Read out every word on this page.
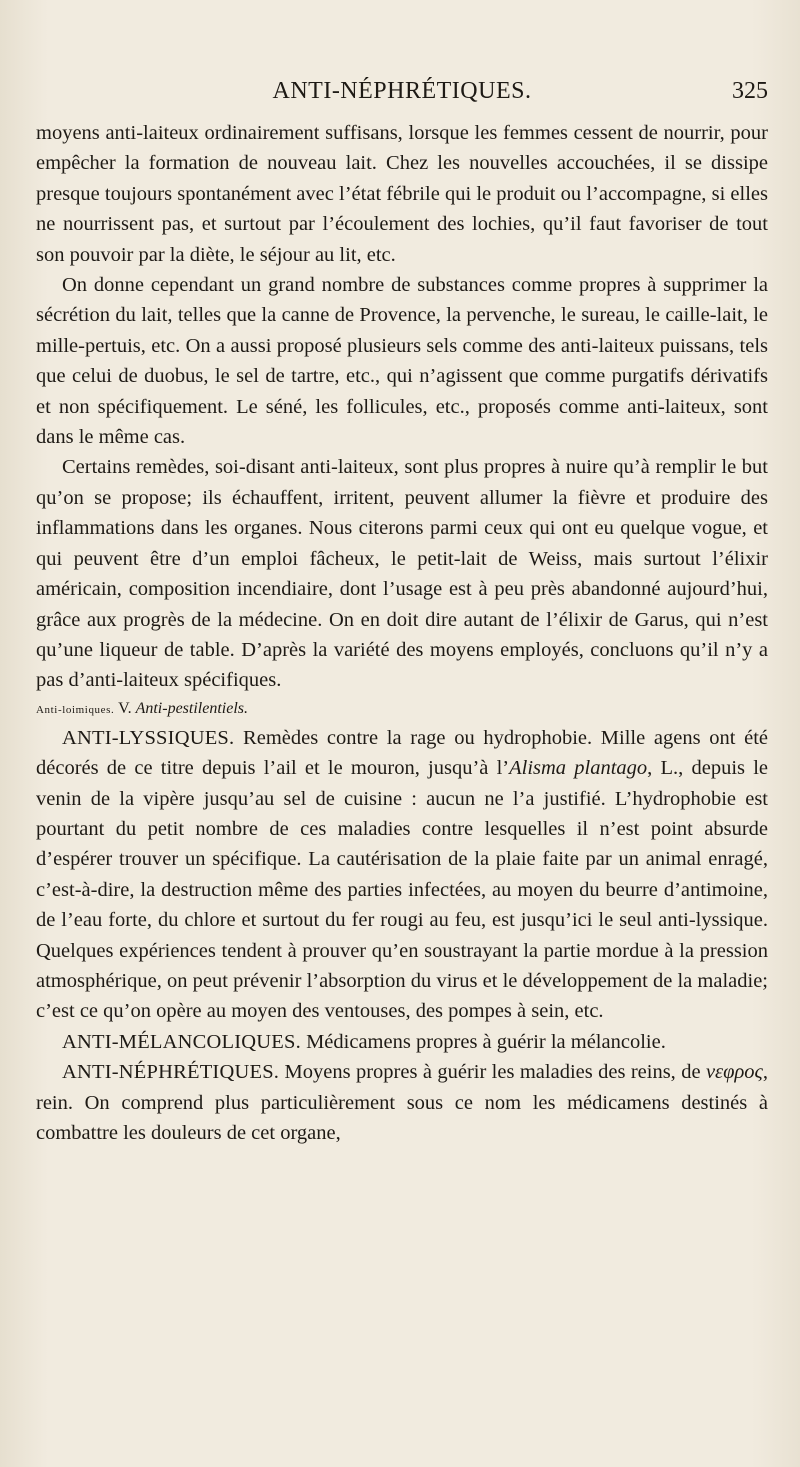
ANTI-NÉPHRÉTIQUES.	325

moyens anti-laiteux ordinairement suffisans, lorsque les femmes cessent de nourrir, pour empêcher la formation de nouveau lait. Chez les nouvelles accouchées, il se dissipe presque toujours spontanément avec l’état fébrile qui le produit ou l’accompagne, si elles ne nourrissent pas, et surtout par l’écoulement des lochies, qu’il faut favoriser de tout son pouvoir par la diète, le séjour au lit, etc.

On donne cependant un grand nombre de substances comme propres à supprimer la sécrétion du lait, telles que la canne de Provence, la pervenche, le sureau, le caille-lait, le mille-pertuis, etc. On a aussi proposé plusieurs sels comme des anti-laiteux puissans, tels que celui de duobus, le sel de tartre, etc., qui n’agissent que comme purgatifs dérivatifs et non spécifiquement. Le séné, les follicules, etc., proposés comme anti-laiteux, sont dans le même cas.

Certains remèdes, soi-disant anti-laiteux, sont plus propres à nuire qu’à remplir le but qu’on se propose; ils échauffent, irritent, peuvent allumer la fièvre et produire des inflammations dans les organes. Nous citerons parmi ceux qui ont eu quelque vogue, et qui peuvent être d’un emploi fâcheux, le petit-lait de Weiss, mais surtout l’élixir américain, composition incendiaire, dont l’usage est à peu près abandonné aujourd’hui, grâce aux progrès de la médecine. On en doit dire autant de l’élixir de Garus, qui n’est qu’une liqueur de table. D’après la variété des moyens employés, concluons qu’il n’y a pas d’anti-laiteux spécifiques.

Anti-loimiques. V. Anti-pestilentiels.

ANTI-LYSSIQUES. Remèdes contre la rage ou hydrophobie. Mille agens ont été décorés de ce titre depuis l’ail et le mouron, jusqu’à l’Alisma plantago, L., depuis le venin de la vipère jusqu’au sel de cuisine : aucun ne l’a justifié. L’hydrophobie est pourtant du petit nombre de ces maladies contre lesquelles il n’est point absurde d’espérer trouver un spécifique. La cautérisation de la plaie faite par un animal enragé, c’est-à-dire, la destruction même des parties infectées, au moyen du beurre d’antimoine, de l’eau forte, du chlore et surtout du fer rougi au feu, est jusqu’ici le seul anti-lyssique. Quelques expériences tendent à prouver qu’en soustrayant la partie mordue à la pression atmosphérique, on peut prévenir l’absorption du virus et le développement de la maladie; c’est ce qu’on opère au moyen des ventouses, des pompes à sein, etc.

ANTI-MÉLANCOLIQUES. Médicamens propres à guérir la mélancolie.

ANTI-NÉPHRÉTIQUES. Moyens propres à guérir les maladies des reins, de νεφρος, rein. On comprend plus particulièrement sous ce nom les médicamens destinés à combattre les douleurs de cet organe,
